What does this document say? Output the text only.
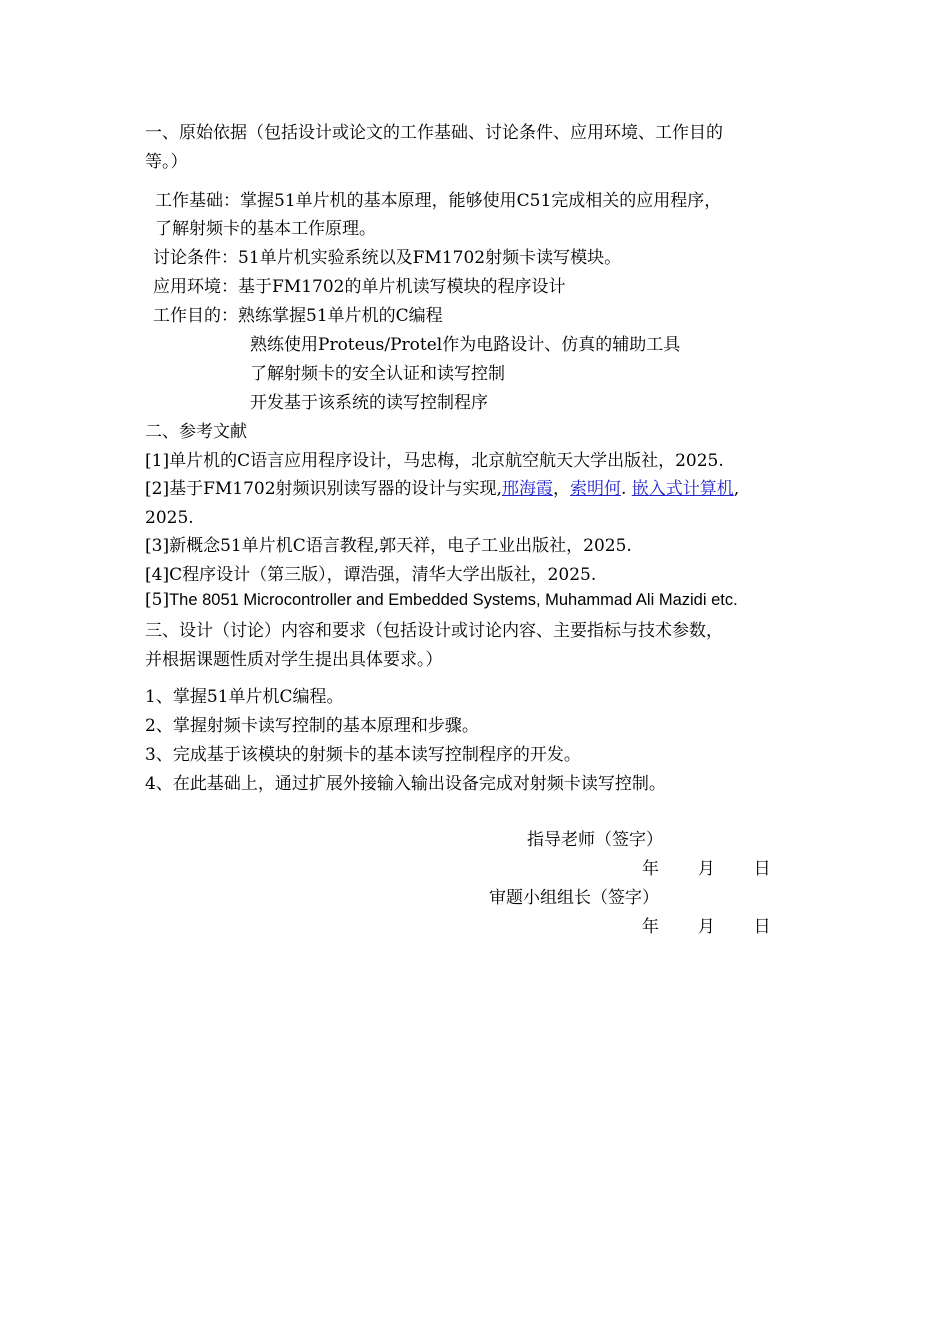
一、原始依据（包括设计或论文的工作基础、讨论条件、应用环境、工作目的
等。）
工作基础：掌握51单片机的基本原理，能够使用C51完成相关的应用程序，
了解射频卡的基本工作原理。
讨论条件：51单片机实验系统以及FM1702射频卡读写模块。
应用环境：基于FM1702的单片机读写模块的程序设计
工作目的：熟练掌握51单片机的C编程
熟练使用Proteus/Protel作为电路设计、仿真的辅助工具
了解射频卡的安全认证和读写控制
开发基于该系统的读写控制程序
二、参考文献
[1]单片机的C语言应用程序设计，马忠梅，北京航空航天大学出版社，2025.
[2]基于FM1702射频识别读写器的设计与实现,邢海霞，索明何. 嵌入式计算机,
2025.
[3]新概念51单片机C语言教程,郭天祥，电子工业出版社，2025.
[4]C程序设计（第三版），谭浩强，清华大学出版社，2025.
[5]The 8051 Microcontroller and Embedded Systems, Muhammad Ali Mazidi etc.
三、设计（讨论）内容和要求（包括设计或讨论内容、主要指标与技术参数，
并根据课题性质对学生提出具体要求。）
1、掌握51单片机C编程。
2、掌握射频卡读写控制的基本原理和步骤。
3、完成基于该模块的射频卡的基本读写控制程序的开发。
4、在此基础上，通过扩展外接输入输出设备完成对射频卡读写控制。
指导老师（签字）
年 月 日
审题小组组长（签字）
年 月 日
